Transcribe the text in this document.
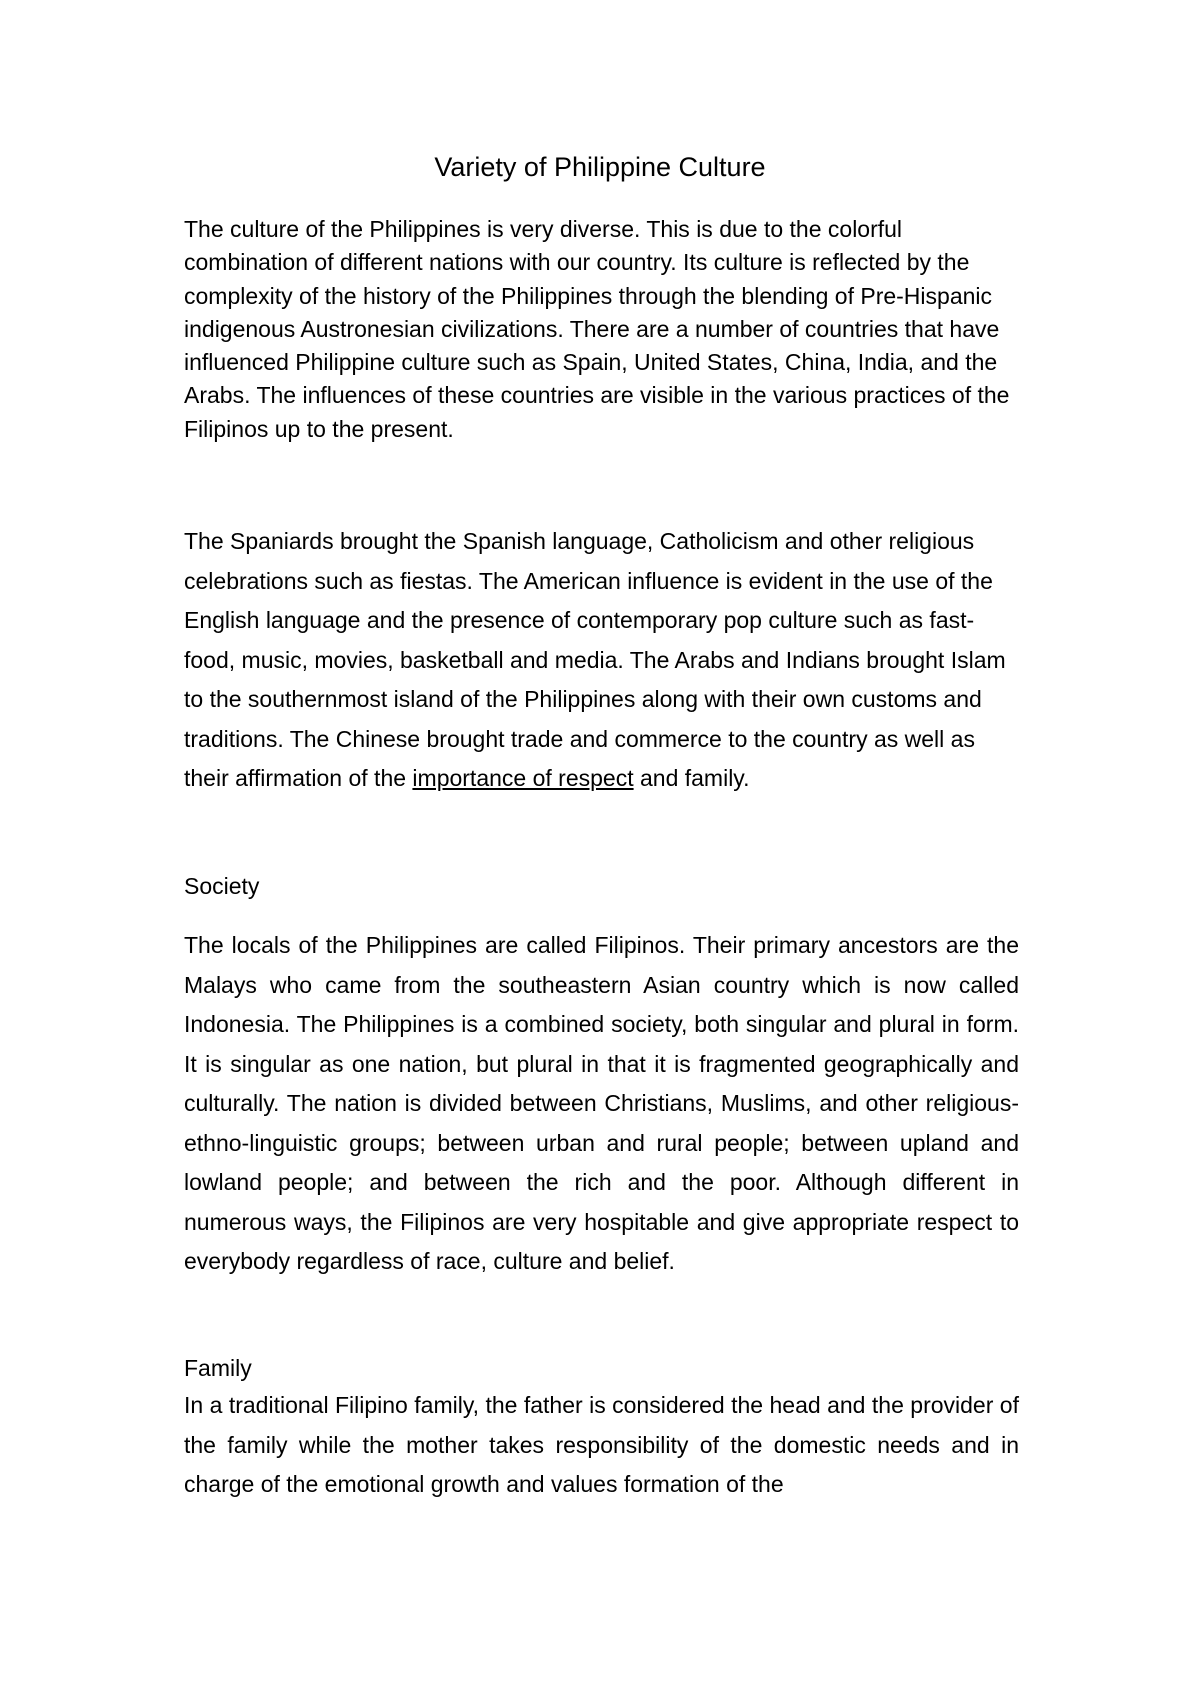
Variety of Philippine Culture

The culture of the Philippines is very diverse. This is due to the colorful combination of different nations with our country. Its culture is reflected by the complexity of the history of the Philippines through the blending of Pre-Hispanic indigenous Austronesian civilizations. There are a number of countries that have influenced Philippine culture such as Spain, United States, China, India, and the Arabs. The influences of these countries are visible in the various practices of the Filipinos up to the present.

The Spaniards brought the Spanish language, Catholicism and other religious celebrations such as fiestas. The American influence is evident in the use of the English language and the presence of contemporary pop culture such as fast-food, music, movies, basketball and media. The Arabs and Indians brought Islam to the southernmost island of the Philippines along with their own customs and traditions. The Chinese brought trade and commerce to the country as well as their affirmation of the importance of respect and family.

Society

The locals of the Philippines are called Filipinos. Their primary ancestors are the Malays who came from the southeastern Asian country which is now called Indonesia. The Philippines is a combined society, both singular and plural in form. It is singular as one nation, but plural in that it is fragmented geographically and culturally. The nation is divided between Christians, Muslims, and other religious-ethno-linguistic groups; between urban and rural people; between upland and lowland people; and between the rich and the poor. Although different in numerous ways, the Filipinos are very hospitable and give appropriate respect to everybody regardless of race, culture and belief.

Family

In a traditional Filipino family, the father is considered the head and the provider of the family while the mother takes responsibility of the domestic needs and in charge of the emotional growth and values formation of the
